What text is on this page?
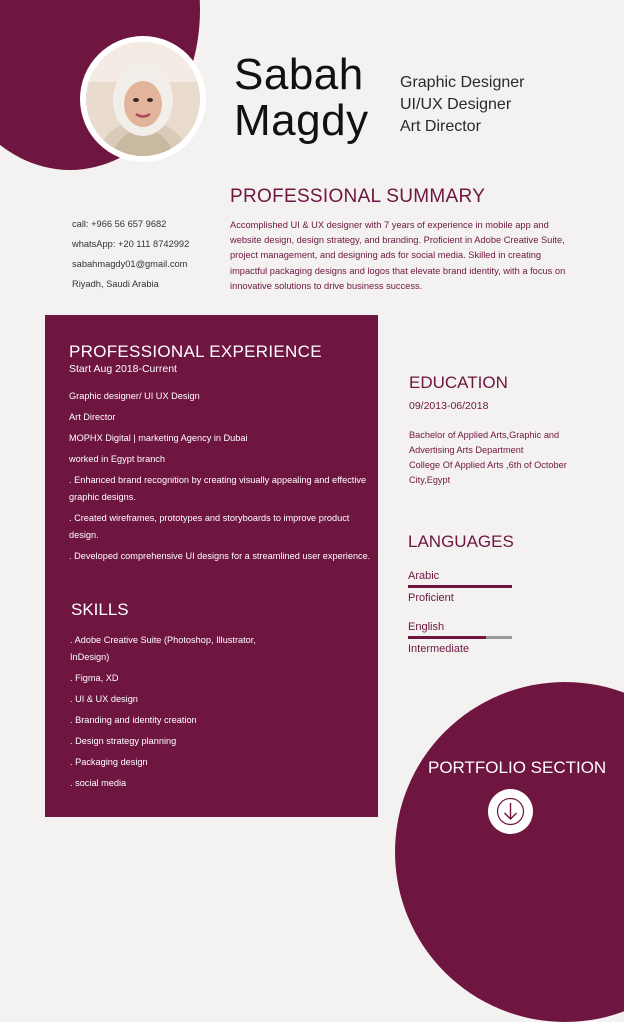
Sabah
Magdy
Graphic Designer
UI/UX Designer
Art Director
call: +966 56 657 9682
whatsApp: +20 111 8742992
sabahmagdy01@gmail.com
Riyadh, Saudi Arabia
PROFESSIONAL SUMMARY
Accomplished UI & UX designer with 7 years of experience in mobile app and website design, design strategy, and branding. Proficient in Adobe Creative Suite, project management, and designing ads for social media. Skilled in creating impactful packaging designs and logos that elevate brand identity, with a focus on innovative solutions to drive business success.
PROFESSIONAL EXPERIENCE
Start Aug 2018-Current
Graphic designer/ UI UX Design
Art Director
MOPHX Digital | marketing Agency in Dubai
worked in Egypt branch
. Enhanced brand recognition by creating visually appealing and effective graphic designs.
. Created wireframes, prototypes and storyboards to improve product design.
. Developed comprehensive UI designs for a streamlined user experience.
SKILLS
. Adobe Creative Suite (Photoshop, Illustrator, InDesign)
. Figma, XD
. UI & UX design
. Branding and identity creation
. Design strategy planning
. Packaging design
. social media
EDUCATION
09/2013-06/2018
Bachelor of Applied Arts,Graphic and Advertising Arts Department
College Of Applied Arts ,6th of October City,Egypt
LANGUAGES
Arabic
Proficient
English
Intermediate
PORTFOLIO SECTION
